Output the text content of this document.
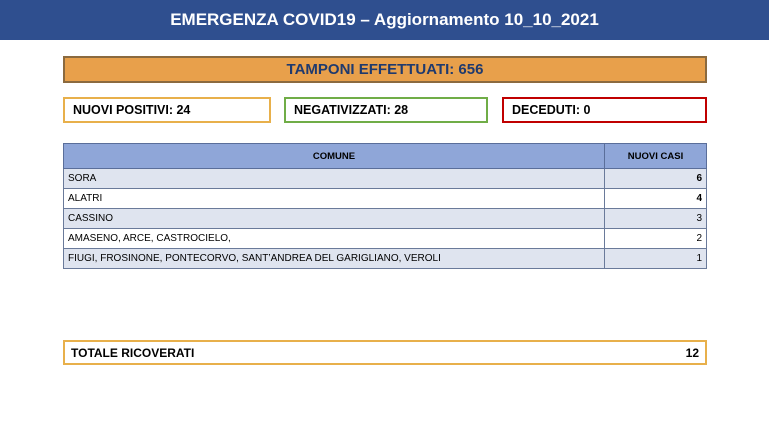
EMERGENZA COVID19 – Aggiornamento 10_10_2021
TAMPONI EFFETTUATI: 656
NUOVI POSITIVI: 24	NEGATIVIZZATI: 28	DECEDUTI: 0
COMUNE	NUOVI CASI
SORA	6
ALATRI	4
CASSINO	3
AMASENO, ARCE, CASTROCIELO,	2
FIUGI, FROSINONE, PONTECORVO, SANT’ANDREA DEL GARIGLIANO, VEROLI	1
TOTALE RICOVERATI	12
